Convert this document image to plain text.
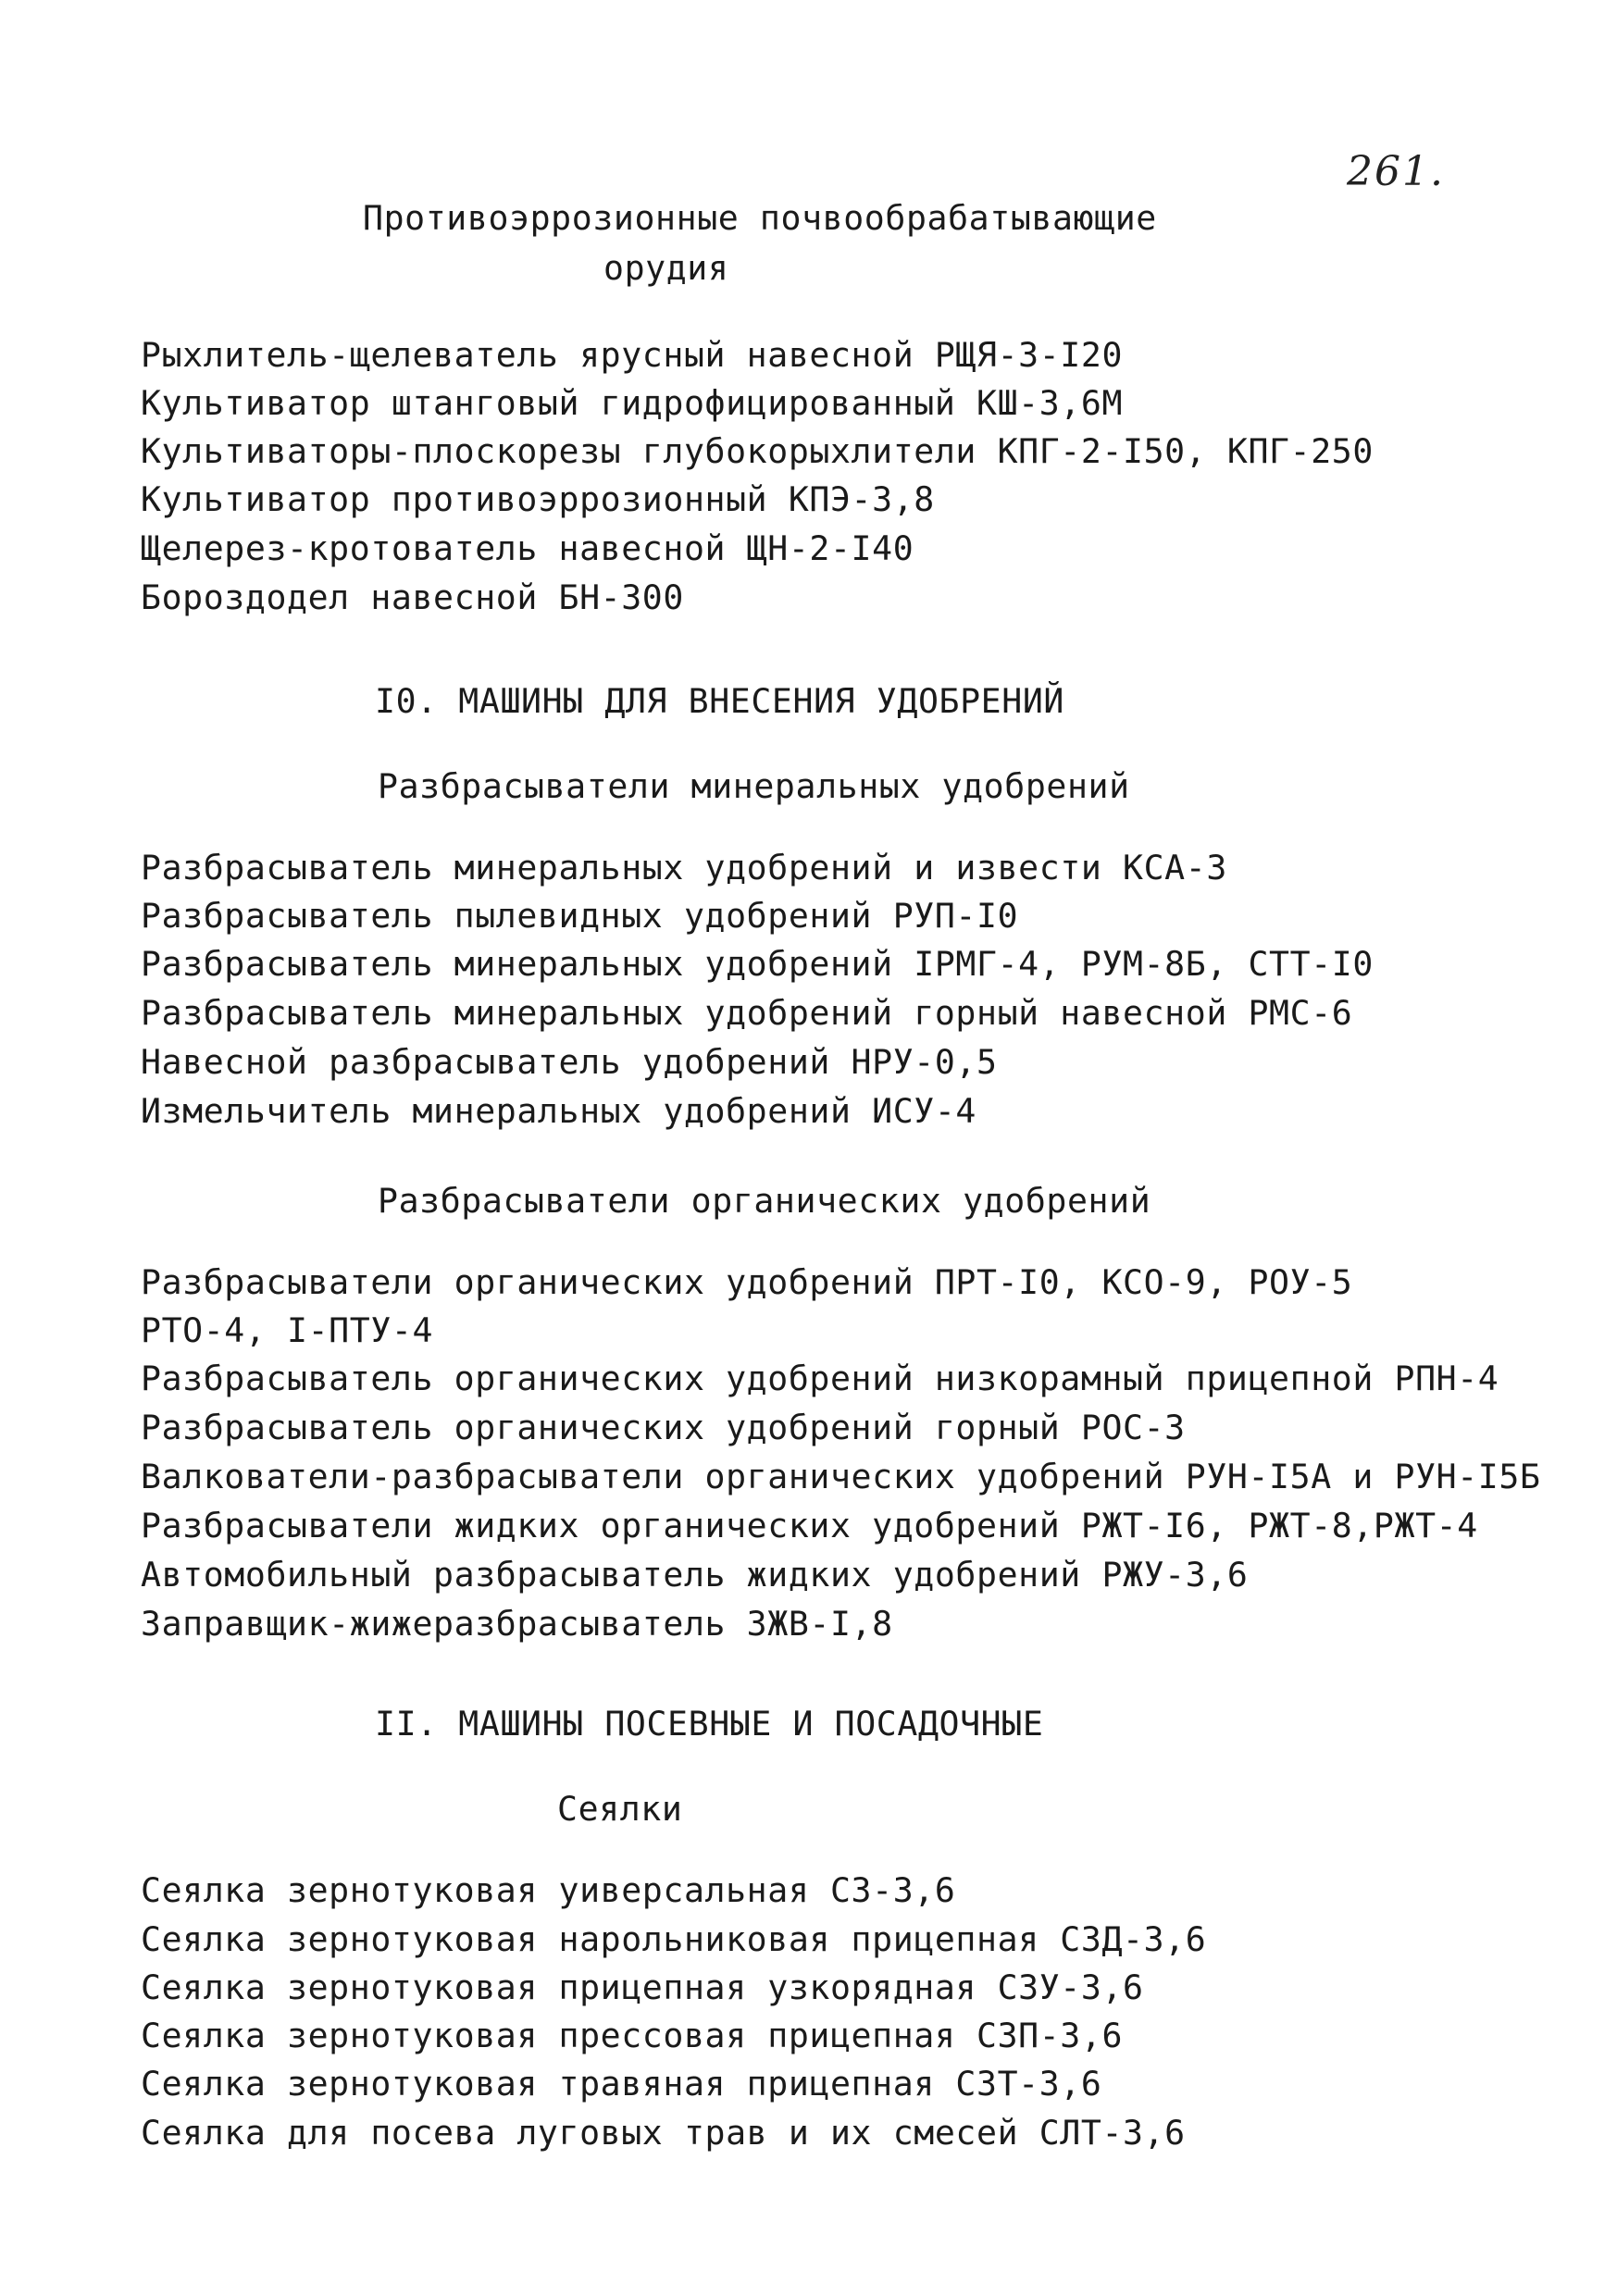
261.
Противоэррозионные почвообрабатывающие
орудия
Рыхлитель-щелеватель ярусный навесной РЩЯ-3-I20
Культиватор штанговый гидрофицированный КШ-3,6М
Культиваторы-плоскорезы глубокорыхлители КПГ-2-I50, КПГ-250
Культиватор противоэррозионный КПЭ-3,8
Щелерез-кротователь навесной ЩН-2-I40
Бороздодел навесной БН-300
I0. МАШИНЫ ДЛЯ ВНЕСЕНИЯ УДОБРЕНИЙ
Разбрасыватели минеральных удобрений
Разбрасыватель минеральных удобрений и извести КСА-3
Разбрасыватель пылевидных удобрений РУП-I0
Разбрасыватель минеральных удобрений IРМГ-4, РУМ-8Б, СТТ-I0
Разбрасыватель минеральных удобрений горный навесной РМС-6
Навесной разбрасыватель удобрений НРУ-0,5
Измельчитель минеральных удобрений ИСУ-4
Разбрасыватели органических удобрений
Разбрасыватели органических удобрений ПРТ-I0, КСО-9, РОУ-5
РТО-4, I-ПТУ-4
Разбрасыватель органических удобрений низкорамный прицепной РПН-4
Разбрасыватель органических удобрений горный РОС-3
Валкователи-разбрасыватели органических удобрений РУН-I5А и РУН-I5Б
Разбрасыватели жидких органических удобрений РЖТ-I6, РЖТ-8,РЖТ-4
Автомобильный разбрасыватель жидких удобрений РЖУ-3,6
Заправщик-жижеразбрасыватель ЗЖВ-I,8
II. МАШИНЫ ПОСЕВНЫЕ И ПОСАДОЧНЫЕ
Сеялки
Сеялка зернотуковая уиверсальная СЗ-3,6
Сеялка зернотуковая нарольниковая прицепная СЗД-3,6
Сеялка зернотуковая прицепная узкорядная СЗУ-3,6
Сеялка зернотуковая прессовая прицепная СЗП-3,6
Сеялка зернотуковая травяная прицепная СЗТ-3,6
Сеялка для посева луговых трав и их смесей СЛТ-3,6
